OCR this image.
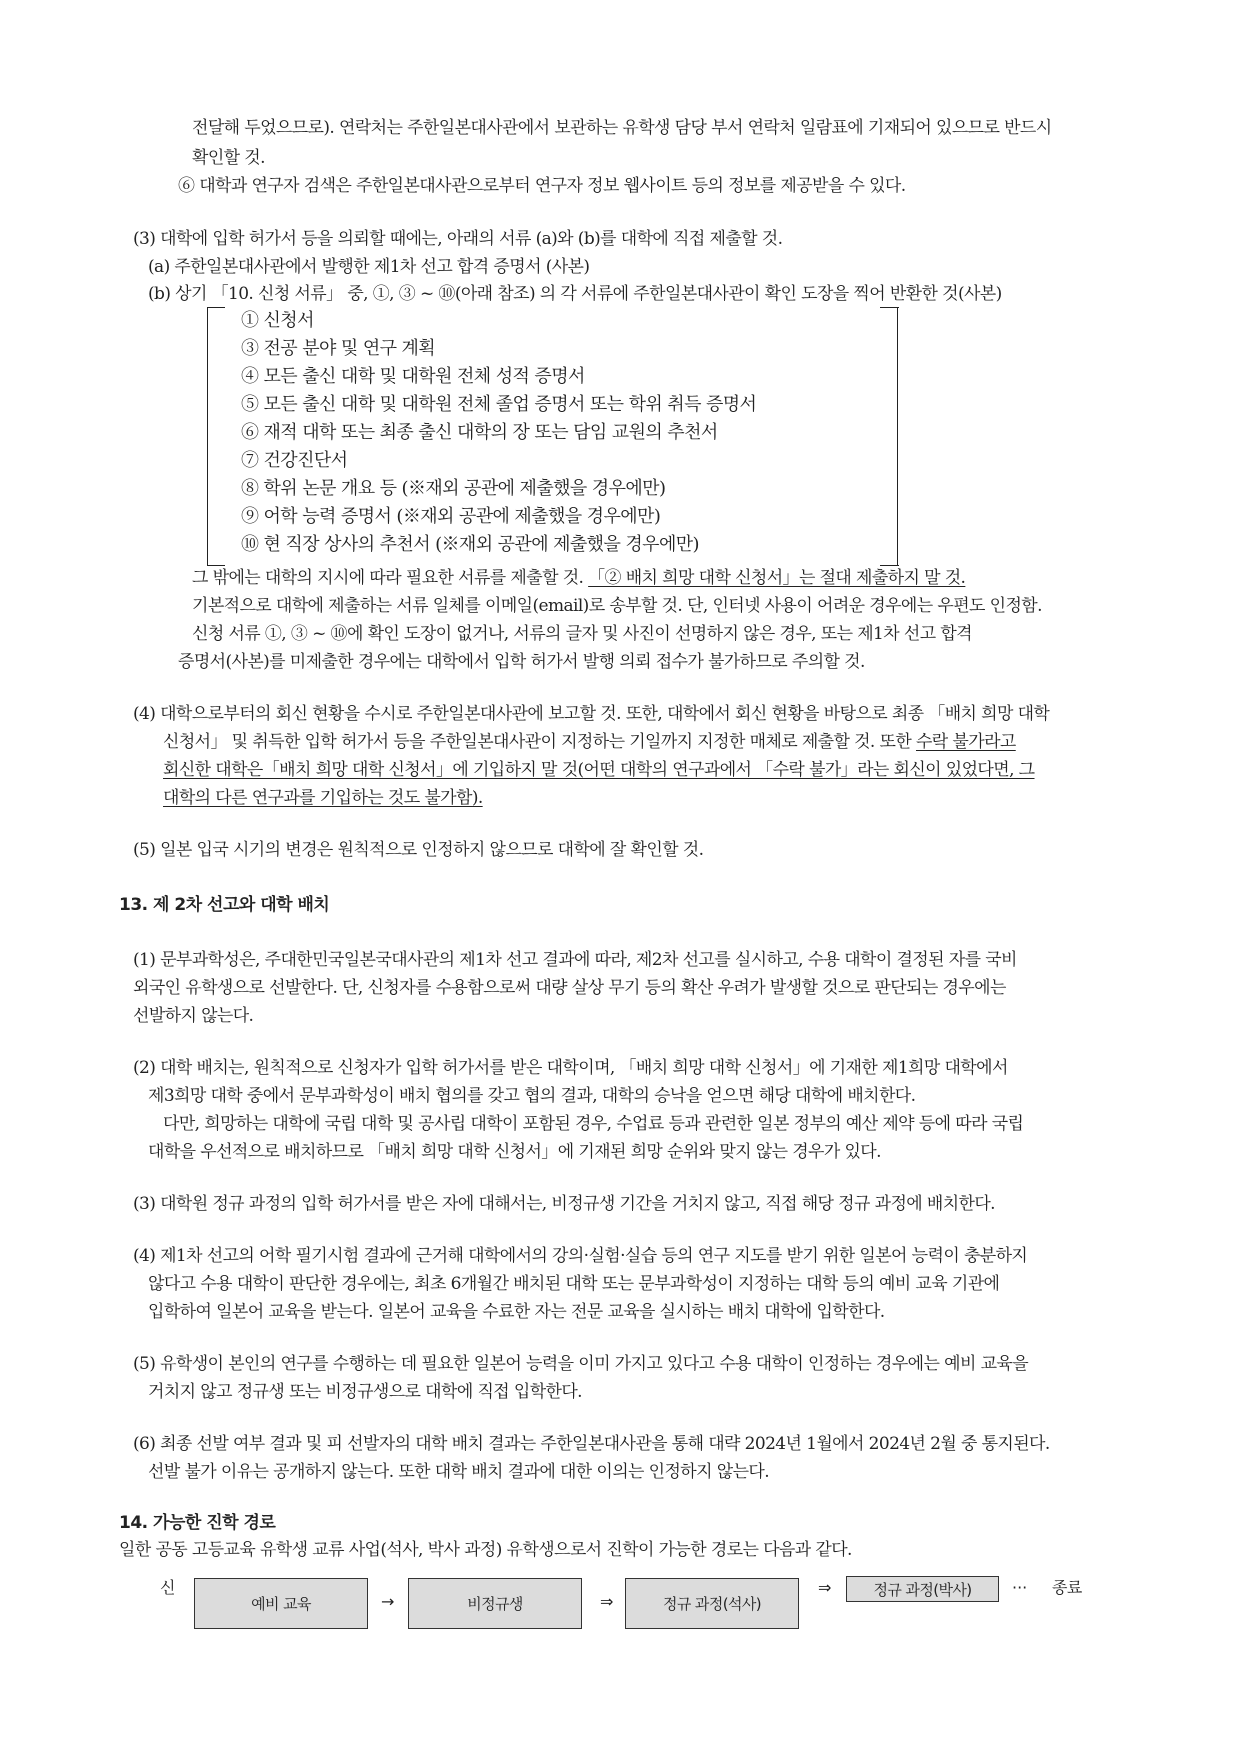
전달해 두었으므로). 연락처는 주한일본대사관에서 보관하는 유학생 담당 부서 연락처 일람표에 기재되어 있으므로 반드시
확인할 것.
⑥ 대학과 연구자 검색은 주한일본대사관으로부터 연구자 정보 웹사이트 등의 정보를 제공받을 수 있다.
(3) 대학에 입학 허가서 등을 의뢰할 때에는, 아래의 서류 (a)와 (b)를 대학에 직접 제출할 것.
(a) 주한일본대사관에서 발행한 제1차 선고 합격 증명서 (사본)
(b) 상기 「10. 신청 서류」 중, ①, ③ ~ ⑩(아래 참조) 의 각 서류에 주한일본대사관이 확인 도장을 찍어 반환한 것(사본)
① 신청서
③ 전공 분야 및 연구 계획
④ 모든 출신 대학 및 대학원 전체 성적 증명서
⑤ 모든 출신 대학 및 대학원 전체 졸업 증명서 또는 학위 취득 증명서
⑥ 재적 대학 또는 최종 출신 대학의 장 또는 담임 교원의 추천서
⑦ 건강진단서
⑧ 학위 논문 개요 등 (※재외 공관에 제출했을 경우에만)
⑨ 어학 능력 증명서 (※재외 공관에 제출했을 경우에만)
⑩ 현 직장 상사의 추천서 (※재외 공관에 제출했을 경우에만)
그 밖에는 대학의 지시에 따라 필요한 서류를 제출할 것. 「② 배치 희망 대학 신청서」는 절대 제출하지 말 것.
기본적으로 대학에 제출하는 서류 일체를 이메일(email)로 송부할 것. 단, 인터넷 사용이 어려운 경우에는 우편도 인정함.
신청 서류 ①, ③ ~ ⑩에 확인 도장이 없거나, 서류의 글자 및 사진이 선명하지 않은 경우, 또는 제1차 선고 합격
증명서(사본)를 미제출한 경우에는 대학에서 입학 허가서 발행 의뢰 접수가 불가하므로 주의할 것.
(4) 대학으로부터의 회신 현황을 수시로 주한일본대사관에 보고할 것. 또한, 대학에서 회신 현황을 바탕으로 최종 「배치 희망 대학
신청서」 및 취득한 입학 허가서 등을 주한일본대사관이 지정하는 기일까지 지정한 매체로 제출할 것. 또한 수락 불가라고
회신한 대학은「배치 희망 대학 신청서」에 기입하지 말 것(어떤 대학의 연구과에서 「수락 불가」라는 회신이 있었다면, 그
대학의 다른 연구과를 기입하는 것도 불가함).
(5) 일본 입국 시기의 변경은 원칙적으로 인정하지 않으므로 대학에 잘 확인할 것.
13. 제 2차 선고와 대학 배치
(1) 문부과학성은, 주대한민국일본국대사관의 제1차 선고 결과에 따라, 제2차 선고를 실시하고, 수용 대학이 결정된 자를 국비
외국인 유학생으로 선발한다. 단, 신청자를 수용함으로써 대량 살상 무기 등의 확산 우려가 발생할 것으로 판단되는 경우에는
선발하지 않는다.
(2) 대학 배치는, 원칙적으로 신청자가 입학 허가서를 받은 대학이며, 「배치 희망 대학 신청서」에 기재한 제1희망 대학에서
제3희망 대학 중에서 문부과학성이 배치 협의를 갖고 협의 결과, 대학의 승낙을 얻으면 해당 대학에 배치한다.
다만, 희망하는 대학에 국립 대학 및 공사립 대학이 포함된 경우, 수업료 등과 관련한 일본 정부의 예산 제약 등에 따라 국립
대학을 우선적으로 배치하므로 「배치 희망 대학 신청서」에 기재된 희망 순위와 맞지 않는 경우가 있다.
(3) 대학원 정규 과정의 입학 허가서를 받은 자에 대해서는, 비정규생 기간을 거치지 않고, 직접 해당 정규 과정에 배치한다.
(4) 제1차 선고의 어학 필기시험 결과에 근거해 대학에서의 강의·실험·실습 등의 연구 지도를 받기 위한 일본어 능력이 충분하지
않다고 수용 대학이 판단한 경우에는, 최초 6개월간 배치된 대학 또는 문부과학성이 지정하는 대학 등의 예비 교육 기관에
입학하여 일본어 교육을 받는다. 일본어 교육을 수료한 자는 전문 교육을 실시하는 배치 대학에 입학한다.
(5) 유학생이 본인의 연구를 수행하는 데 필요한 일본어 능력을 이미 가지고 있다고 수용 대학이 인정하는 경우에는 예비 교육을
거치지 않고 정규생 또는 비정규생으로 대학에 직접 입학한다.
(6) 최종 선발 여부 결과 및 피 선발자의 대학 배치 결과는 주한일본대사관을 통해 대략 2024년 1월에서 2024년 2월 중 통지된다.
선발 불가 이유는 공개하지 않는다. 또한 대학 배치 결과에 대한 이의는 인정하지 않는다.
14. 가능한 진학 경로
일한 공동 고등교육 유학생 교류 사업(석사, 박사 과정) 유학생으로서 진학이 가능한 경로는 다음과 같다.
신
예비 교육	→	비정규생	⇒	정규 과정(석사)
⇒	정규 과정(박사)	··· 종료
